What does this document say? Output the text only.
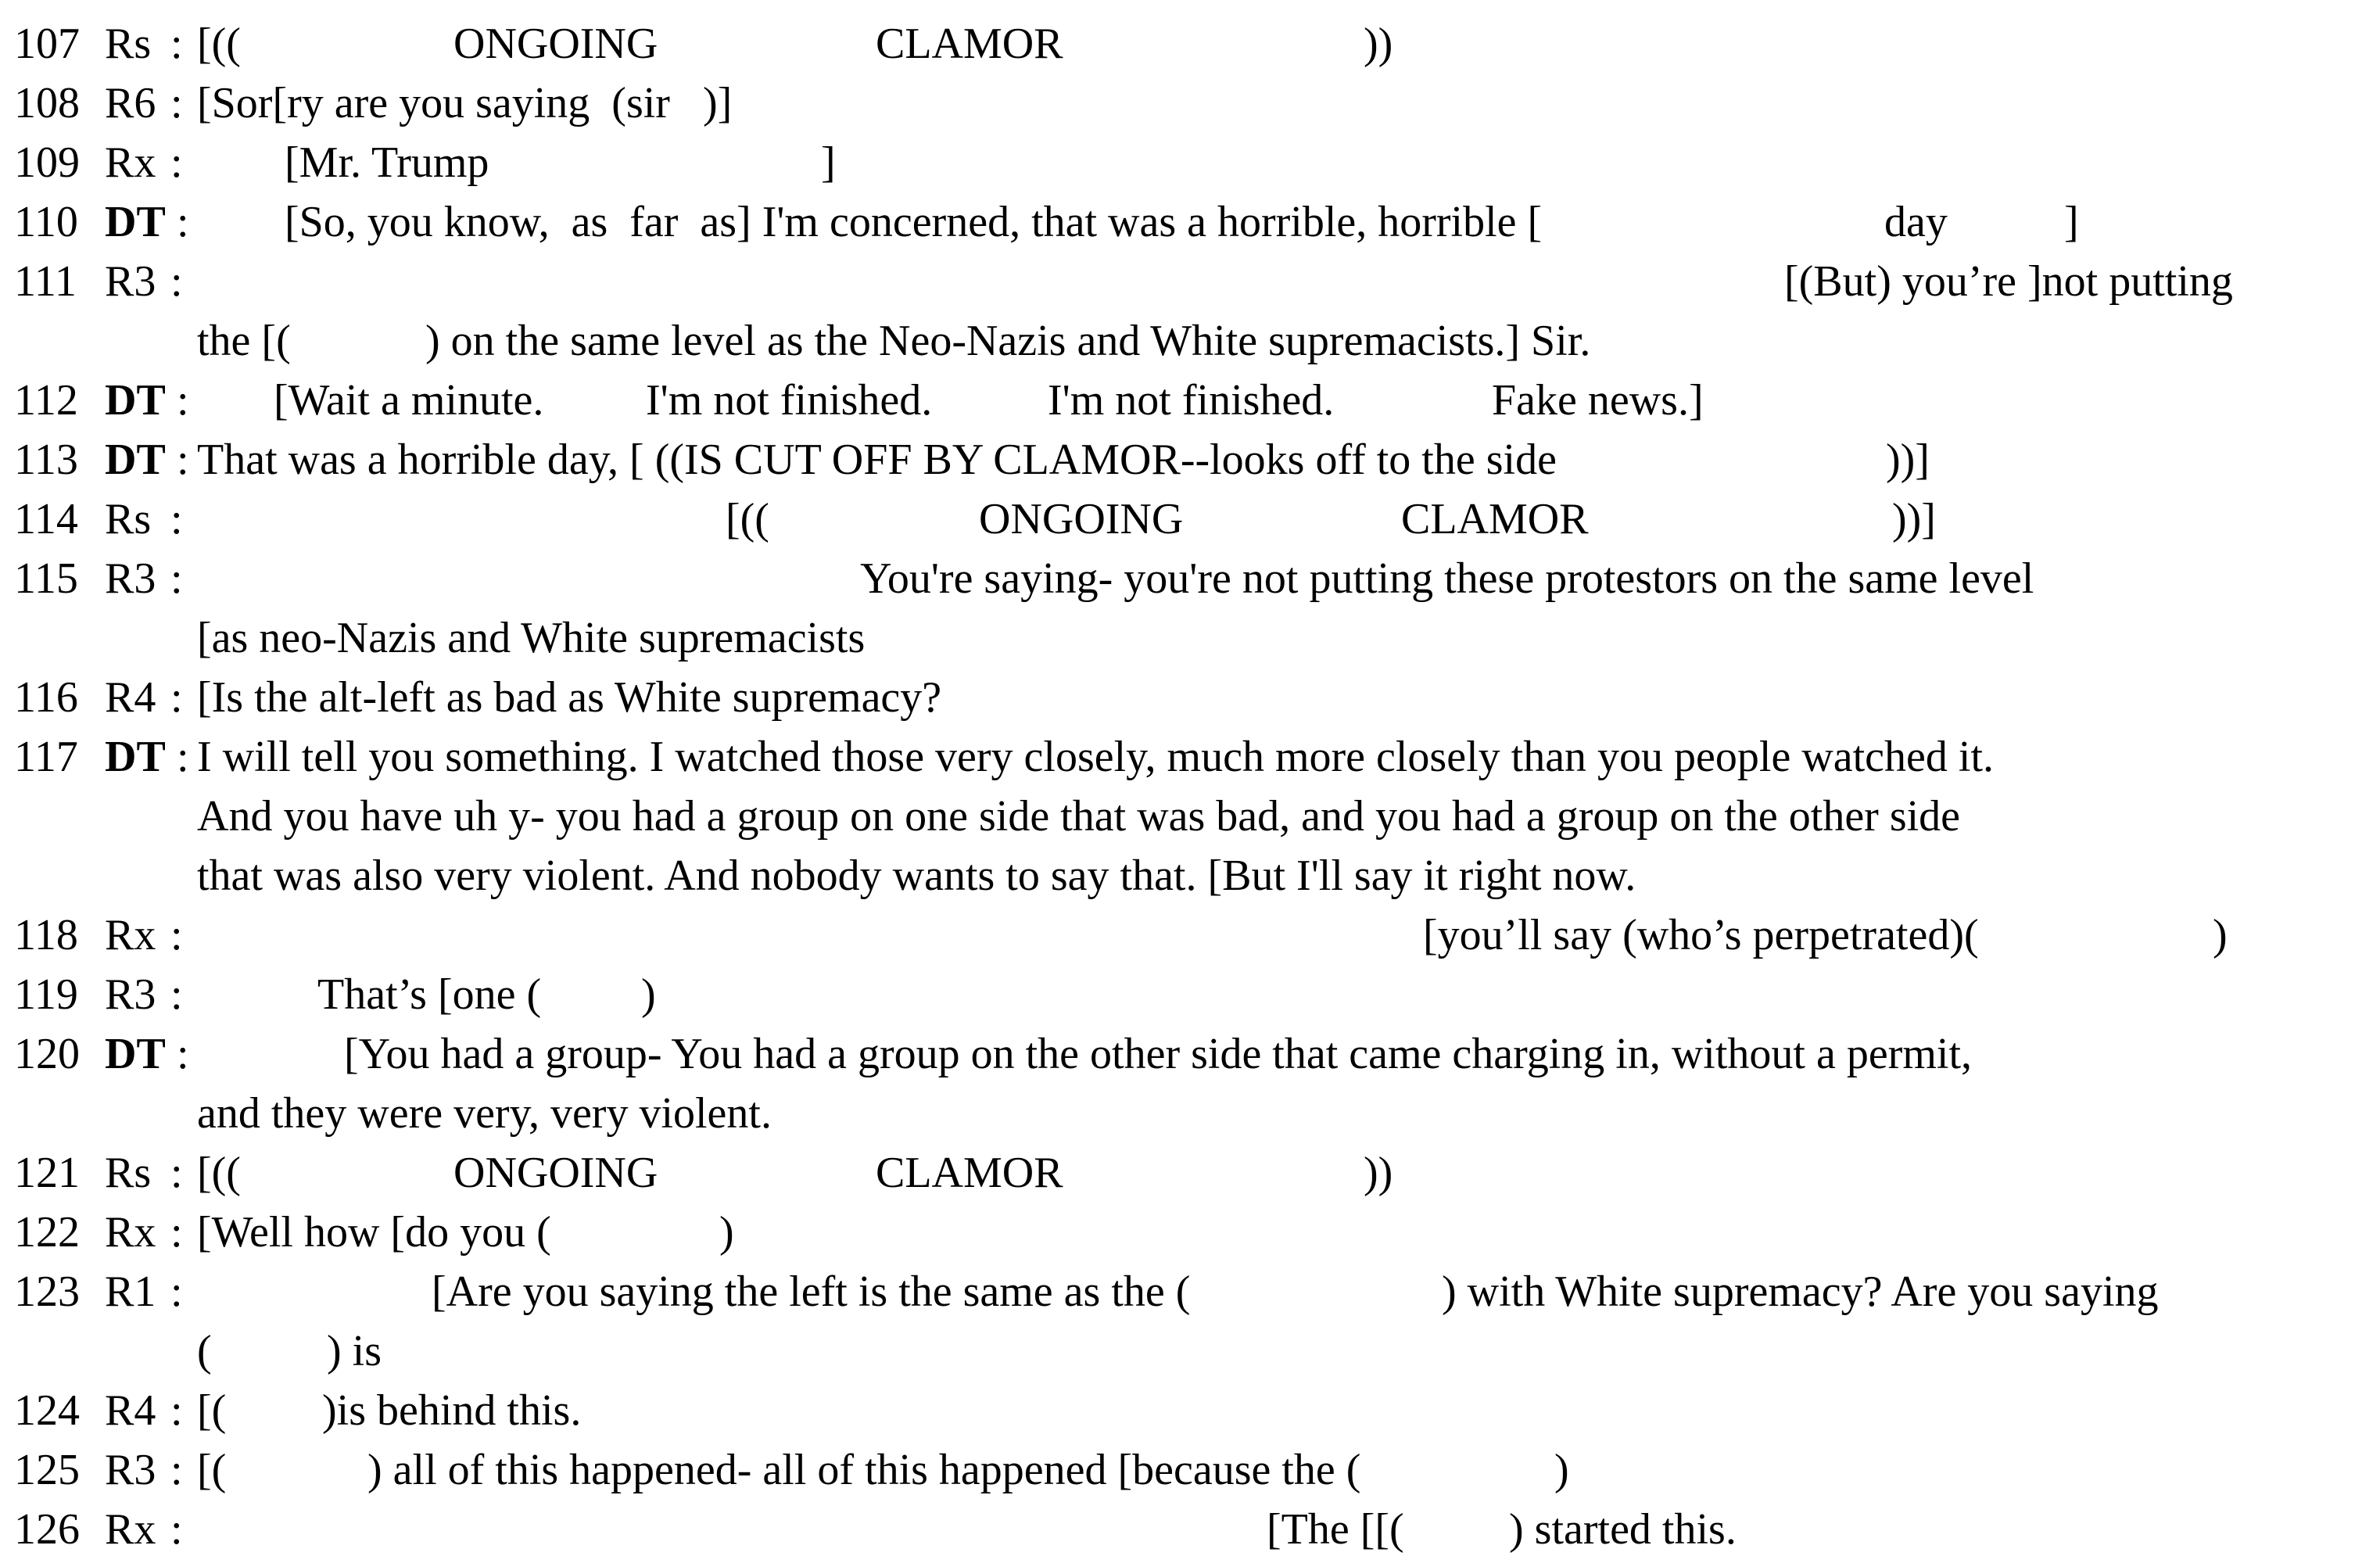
107 Rs : [((	ONGOING	CLAMOR	))
108 R6 : [Sor[ry are you saying  (sir   )]
109 Rx : [Mr. Trump	]
110 DT : [So, you know,  as  far  as] I'm concerned, that was a horrible, horrible [	day	]
111 R3 :	[(But) you’re ]not putting
the [(	) on the same level as the Neo-Nazis and White supremacists.] Sir.
112 DT : [Wait a minute. I'm not finished.	I'm not finished.	Fake news.]
113 DT : That was a horrible day, [ ((IS CUT OFF BY CLAMOR--looks off to the side	))]
114 Rs :	[((	ONGOING	CLAMOR	))]
115 R3 :	You're saying- you're not putting these protestors on the same level
[as neo-Nazis and White supremacists
116 R4 : [Is the alt-left as bad as White supremacy?
117 DT : I will tell you something. I watched those very closely, much more closely than you people watched it.
And you have uh y- you had a group on one side that was bad, and you had a group on the other side
that was also very violent. And nobody wants to say that. [But I'll say it right now.
118 Rx :	[you’ll say (who’s perpetrated)(	)
119 R3 :	That’s [one ( )
120 DT :	[You had a group- You had a group on the other side that came charging in, without a permit,
and they were very, very violent.
121 Rs : [((	ONGOING	CLAMOR	))
122 Rx : [Well how [do you (	)
123 R1 :	[Are you saying the left is the same as the (	) with White supremacy? Are you saying
(	) is
124 R4 : [( )is behind this.
125 R3 : [(	) all of this happened- all of this happened [because the (	)
126 Rx :	[The [[( ) started this.
